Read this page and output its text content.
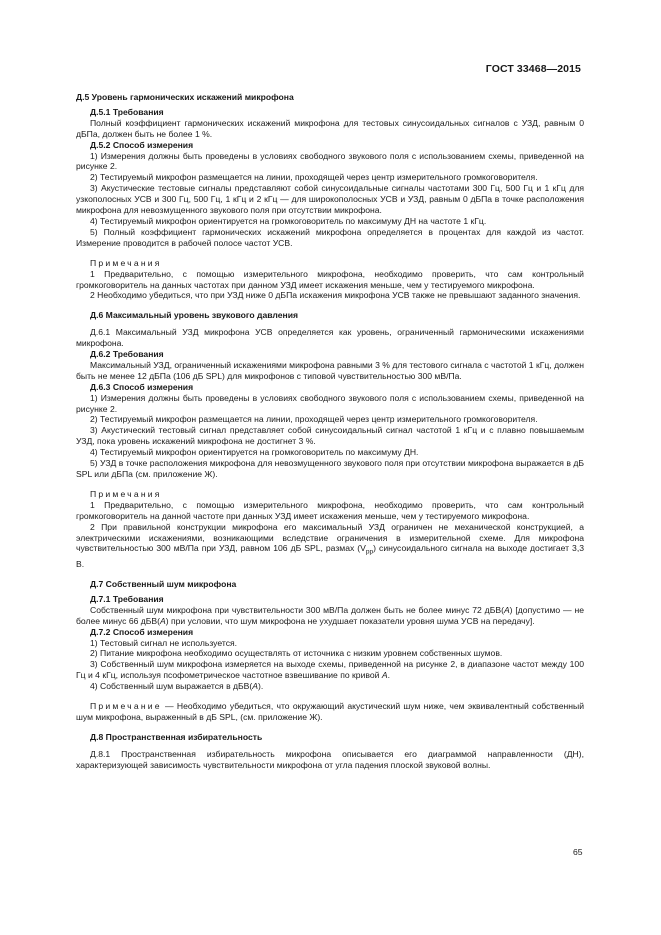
ГОСТ 33468—2015

Д.5 Уровень гармонических искажений микрофона

Д.5.1 Требования

Полный коэффициент гармонических искажений микрофона для тестовых синусоидальных сигналов с УЗД, равным 0 дБПа, должен быть не более 1 %.

Д.5.2 Способ измерения

1) Измерения должны быть проведены в условиях свободного звукового поля с использованием схемы, приведенной на рисунке 2.

2) Тестируемый микрофон размещается на линии, проходящей через центр измерительного громкоговорителя.

3) Акустические тестовые сигналы представляют собой синусоидальные сигналы частотами 300 Гц, 500 Гц и 1 кГц для узкополосных УСВ и 300 Гц, 500 Гц, 1 кГц и 2 кГц — для широкополосных УСВ и УЗД, равным 0 дБПа в точке расположения микрофона для невозмущенного звукового поля при отсутствии микрофона.

4) Тестируемый микрофон ориентируется на громкоговоритель по максимуму ДН на частоте 1 кГц.

5) Полный коэффициент гармонических искажений микрофона определяется в процентах для каждой из частот. Измерение проводится в рабочей полосе частот УСВ.

Примечания

1 Предварительно, с помощью измерительного микрофона, необходимо проверить, что сам контрольный громкоговоритель на данных частотах при данном УЗД имеет искажения меньше, чем у тестируемого микрофона.

2 Необходимо убедиться, что при УЗД ниже 0 дБПа искажения микрофона УСВ также не превышают заданного значения.

Д.6 Максимальный уровень звукового давления

Д.6.1 Максимальный УЗД микрофона УСВ определяется как уровень, ограниченный гармоническими искажениями микрофона.

Д.6.2 Требования

Максимальный УЗД, ограниченный искажениями микрофона равными 3 % для тестового сигнала с частотой 1 кГц, должен быть не менее 12 дБПа (106 дБ SPL) для микрофонов с типовой чувствительностью 300 мВ/Па.

Д.6.3 Способ измерения

1) Измерения должны быть проведены в условиях свободного звукового поля с использованием схемы, приведенной на рисунке 2.

2) Тестируемый микрофон размещается на линии, проходящей через центр измерительного громкоговорителя.

3) Акустический тестовый сигнал представляет собой синусоидальный сигнал частотой 1 кГц и с плавно повышаемым УЗД, пока уровень искажений микрофона не достигнет 3 %.

4) Тестируемый микрофон ориентируется на громкоговоритель по максимуму ДН.

5) УЗД в точке расположения микрофона для невозмущенного звукового поля при отсутствии микрофона выражается в дБ SPL или дБПа (см. приложение Ж).

Примечания

1 Предварительно, с помощью измерительного микрофона, необходимо проверить, что сам контрольный громкоговоритель на данной частоте при данных УЗД имеет искажения меньше, чем у тестируемого микрофона.

2 При правильной конструкции микрофона его максимальный УЗД ограничен не механической конструкцией, а электрическими искажениями, возникающими вследствие ограничения в измерительной схеме. Для микрофона чувствительностью 300 мВ/Па при УЗД, равном 106 дБ SPL, размах $(V_{pp})$ синусоидального сигнала на выходе достигает 3,3 В.

Д.7 Собственный шум микрофона

Д.7.1 Требования

Собственный шум микрофона при чувствительности 300 мВ/Па должен быть не более минус 72 дБВ(A) [допустимо — не более минус 66 дБВ(A) при условии, что шум микрофона не ухудшает показатели уровня шума УСВ на передачу].

Д.7.2 Способ измерения

1) Тестовый сигнал не используется.

2) Питание микрофона необходимо осуществлять от источника с низким уровнем собственных шумов.

3) Собственный шум микрофона измеряется на выходе схемы, приведенной на рисунке 2, в диапазоне частот между 100 Гц и 4 кГц, используя псофометрическое частотное взвешивание по кривой A.

4) Собственный шум выражается в дБВ(A).

Примечание — Необходимо убедиться, что окружающий акустический шум ниже, чем эквивалентный собственный шум микрофона, выраженный в дБ SPL, (см. приложение Ж).

Д.8 Пространственная избирательность

Д.8.1 Пространственная избирательность микрофона описывается его диаграммой направленности (ДН), характеризующей зависимость чувствительности микрофона от угла падения плоской звуковой волны.

65
